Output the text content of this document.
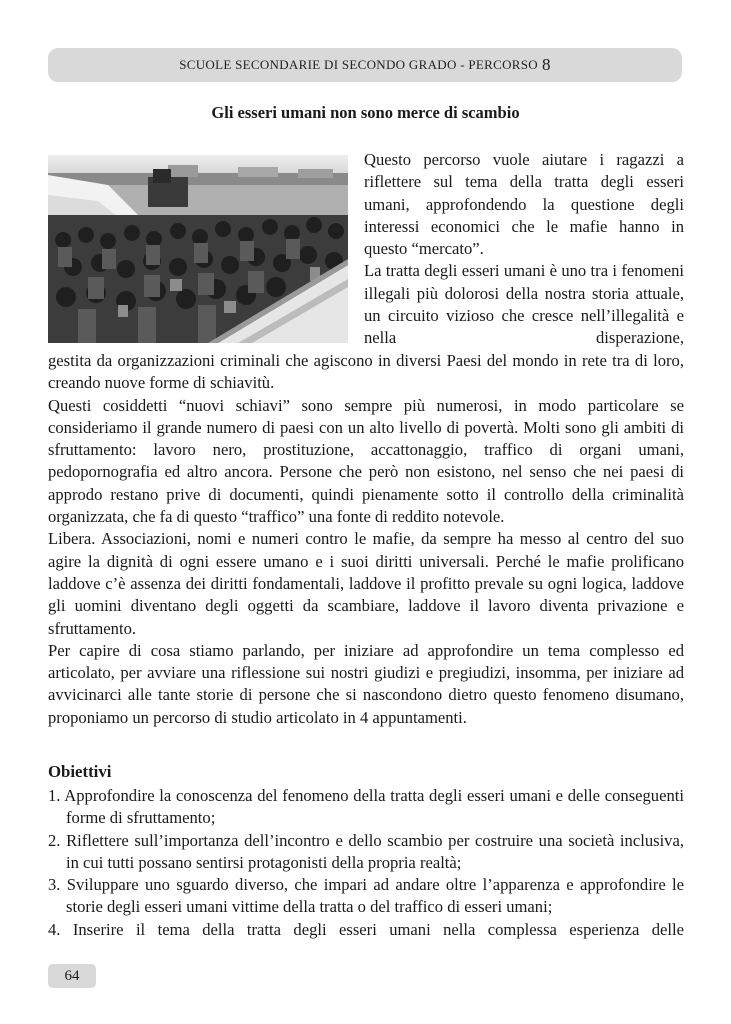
SCUOLE SECONDARIE DI SECONDO GRADO - PERCORSO 8
Gli esseri umani non sono merce di scambio

Questo percorso vuole aiutare i ragazzi a riflettere sul tema della tratta degli esseri umani, approfondendo la questione degli interessi economici che le mafie hanno in questo “mercato”.

La tratta degli esseri umani è uno tra i fenomeni illegali più dolorosi della nostra storia attuale, un circuito vizioso che cresce nell’illegalità e nella disperazione,

gestita da organizzazioni criminali che agiscono in diversi Paesi del mondo in rete tra di loro, creando nuove forme di schiavitù.

Questi cosiddetti “nuovi schiavi” sono sempre più numerosi, in modo particolare se consideriamo il grande numero di paesi con un alto livello di povertà. Molti sono gli ambiti di sfruttamento: lavoro nero, prostituzione, accattonaggio, traffico di organi umani, pedopornografia ed altro ancora. Persone che però non esistono, nel senso che nei paesi di approdo restano prive di documenti, quindi pienamente sotto il controllo della criminalità organizzata, che fa di questo “traffico” una fonte di reddito notevole.

Libera. Associazioni, nomi e numeri contro le mafie, da sempre ha messo al centro del suo agire la dignità di ogni essere umano e i suoi diritti universali. Perché le mafie prolificano laddove c’è assenza dei diritti fondamentali, laddove il profitto prevale su ogni logica, laddove gli uomini diventano degli oggetti da scambiare, laddove il lavoro diventa privazione e sfruttamento.

Per capire di cosa stiamo parlando, per iniziare ad approfondire un tema complesso ed articolato, per avviare una riflessione sui nostri giudizi e pregiudizi, insomma, per iniziare ad avvicinarci alle tante storie di persone che si nascondono dietro questo fenomeno disumano, proponiamo un percorso di studio articolato in 4 appuntamenti.

Obiettivi
1. Approfondire la conoscenza del fenomeno della tratta degli esseri umani e delle conseguenti forme di sfruttamento;
2. Riflettere sull’importanza dell’incontro e dello scambio per costruire una società inclusiva, in cui tutti possano sentirsi protagonisti della propria realtà;
3. Sviluppare uno sguardo diverso, che impari ad andare oltre l’apparenza e approfondire le storie degli esseri umani vittime della tratta o del traffico di esseri umani;
4. Inserire il tema della tratta degli esseri umani nella complessa esperienza delle
64
